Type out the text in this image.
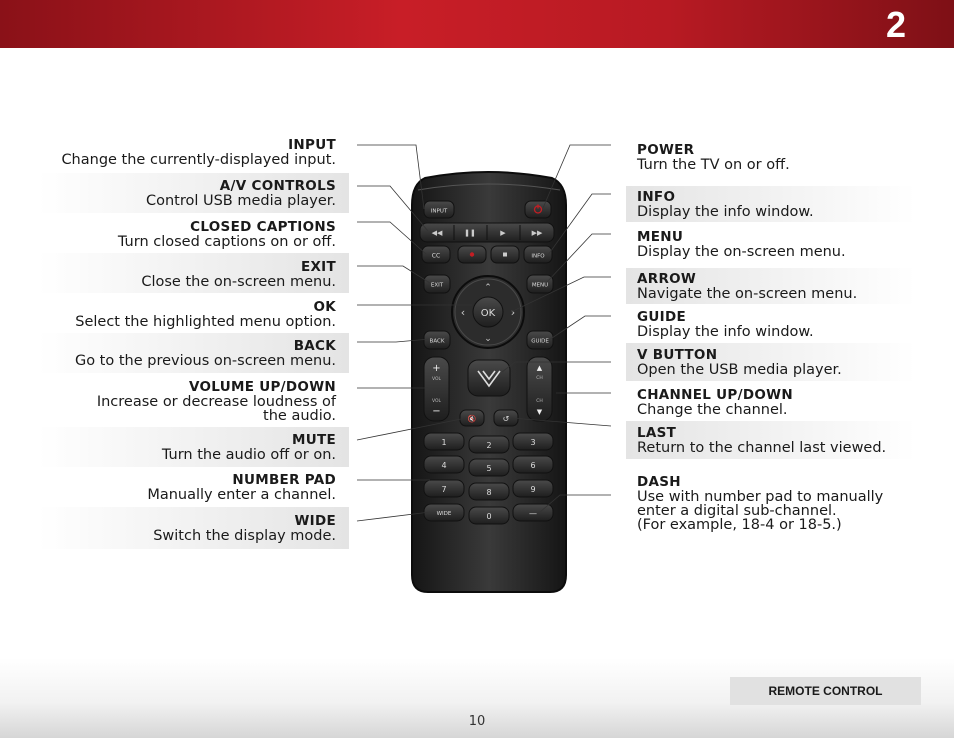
2
INPUT
Change the currently-displayed input.
A/V CONTROLS
Control USB media player.
CLOSED CAPTIONS
Turn closed captions on or off.
EXIT
Close the on-screen menu.
OK
Select the highlighted menu option.
BACK
Go to the previous on-screen menu.
VOLUME UP/DOWN
Increase or decrease loudness of
the audio.
MUTE
Turn the audio off or on.
NUMBER PAD
Manually enter a channel.
WIDE
Switch the display mode.
POWER
Turn the TV on or off.
INFO
Display the info window.
MENU
Display the on-screen menu.
ARROW
Navigate the on-screen menu.
GUIDE
Display the info window.
V BUTTON
Open the USB media player.
CHANNEL UP/DOWN
Change the channel.
LAST
Return to the channel last viewed.
DASH
Use with number pad to manually
enter a digital sub-channel.
(For example, 18-4 or 18-5.)
INPUT
◀◀	❚❚	▶	▶▶
CC	INFO
EXIT	MENU
⌃
⌄
‹	›
OK
BACK	GUIDE
+
VOL
VOL
−
▲
CH
CH
▼
🔇	↺
1	2	3
4	5	6
7	8	9
WIDE	0	—
REMOTE CONTROL
10
